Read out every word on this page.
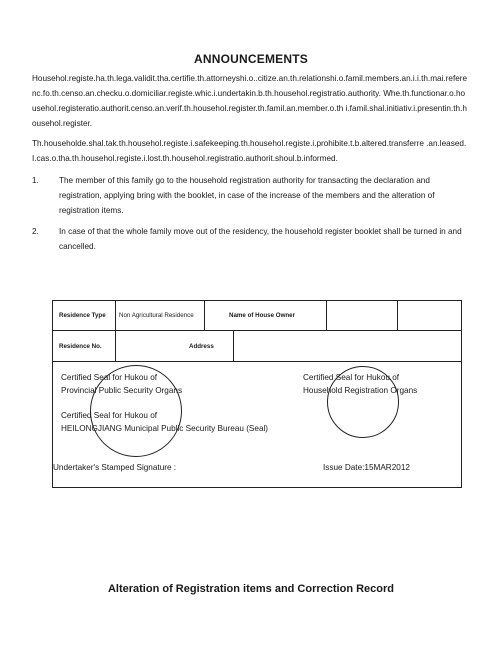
ANNOUNCEMENTS
Househol.registe.ha.th.lega.validit.tha.certifie.th.attorneyshi.o..citize.an.th.relationshi.o.famil.members.an.i.i.th.mai.referenc.fo.th.censo.an.checku.o.domiciliar.registe.whic.i.undertakin.b.th.househol.registratio.authority. Whe.th.functionar.o.househol.registeratio.authorit.censo.an.verif.th.househol.register.th.famil.an.member.o.th i.famil.shal.initiativ.i.presentin.th.househol.register.
Th.householde.shal.tak.th.househol.registe.i.safekeeping.th.househol.registe.i.prohibite.t.b.altered.transferre .an.leased.I.cas.o.tha.th.househol.registe.i.lost.th.househol.registratio.authorit.shoul.b.informed.
1. The member of this family go to the household registration authority for transacting the declaration and registration, applying bring with the booklet, in case of the increase of the members and the alteration of registration items.
2. In case of that the whole family move out of the residency, the household register booklet shall be turned in and cancelled.
Residence Type Non Agricultural Residence	Name of House Owner
Residence No.	Address
Certified Seal for Hukou of
Provincial Public Security Organs
Certified Seal for Hukou of
Household Registration Organs
Certified Seal for Hukou of
HEILONGJIANG Municipal Public Security Bureau (Seal)
Undertaker's Stamped Signature :	Issue Date:15MAR2012
Alteration of Registration items and Correction Record
